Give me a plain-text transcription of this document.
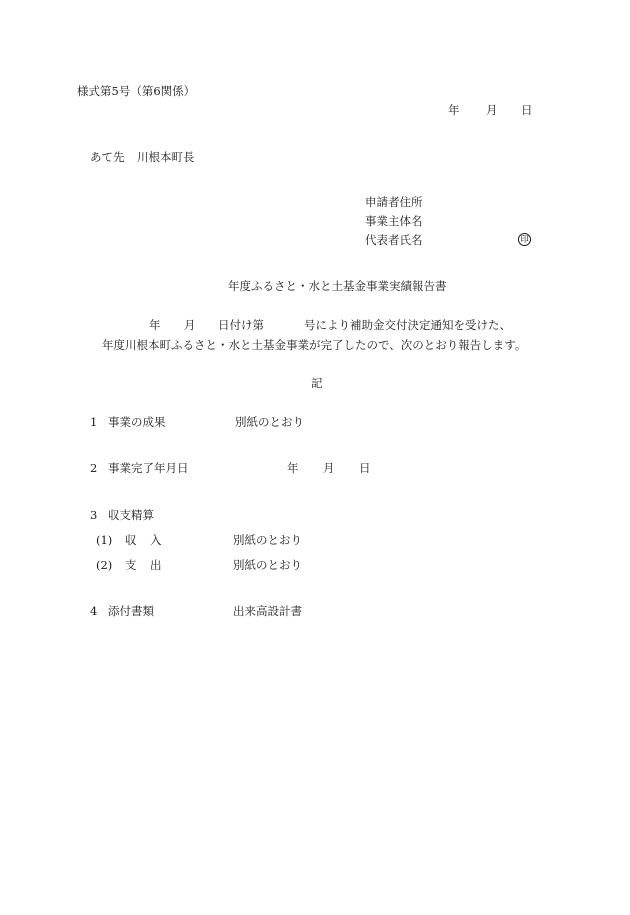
様式第5号（第6関係）
年 月 日
あて先 川根本町長
申請者住所
事業主体名
代表者氏名	印
年度ふるさと・水と土基金事業実績報告書
年 月 日付け第	号により補助金交付決定通知を受けた、
年度川根本町ふるさと・水と土基金事業が完了したので、次のとおり報告します。
記
1 事業の成果	別紙のとおり
2 事業完了年月日	年 月 日
3 収支精算
(1) 収 入	別紙のとおり
(2) 支 出	別紙のとおり
4 添付書類	出来高設計書
